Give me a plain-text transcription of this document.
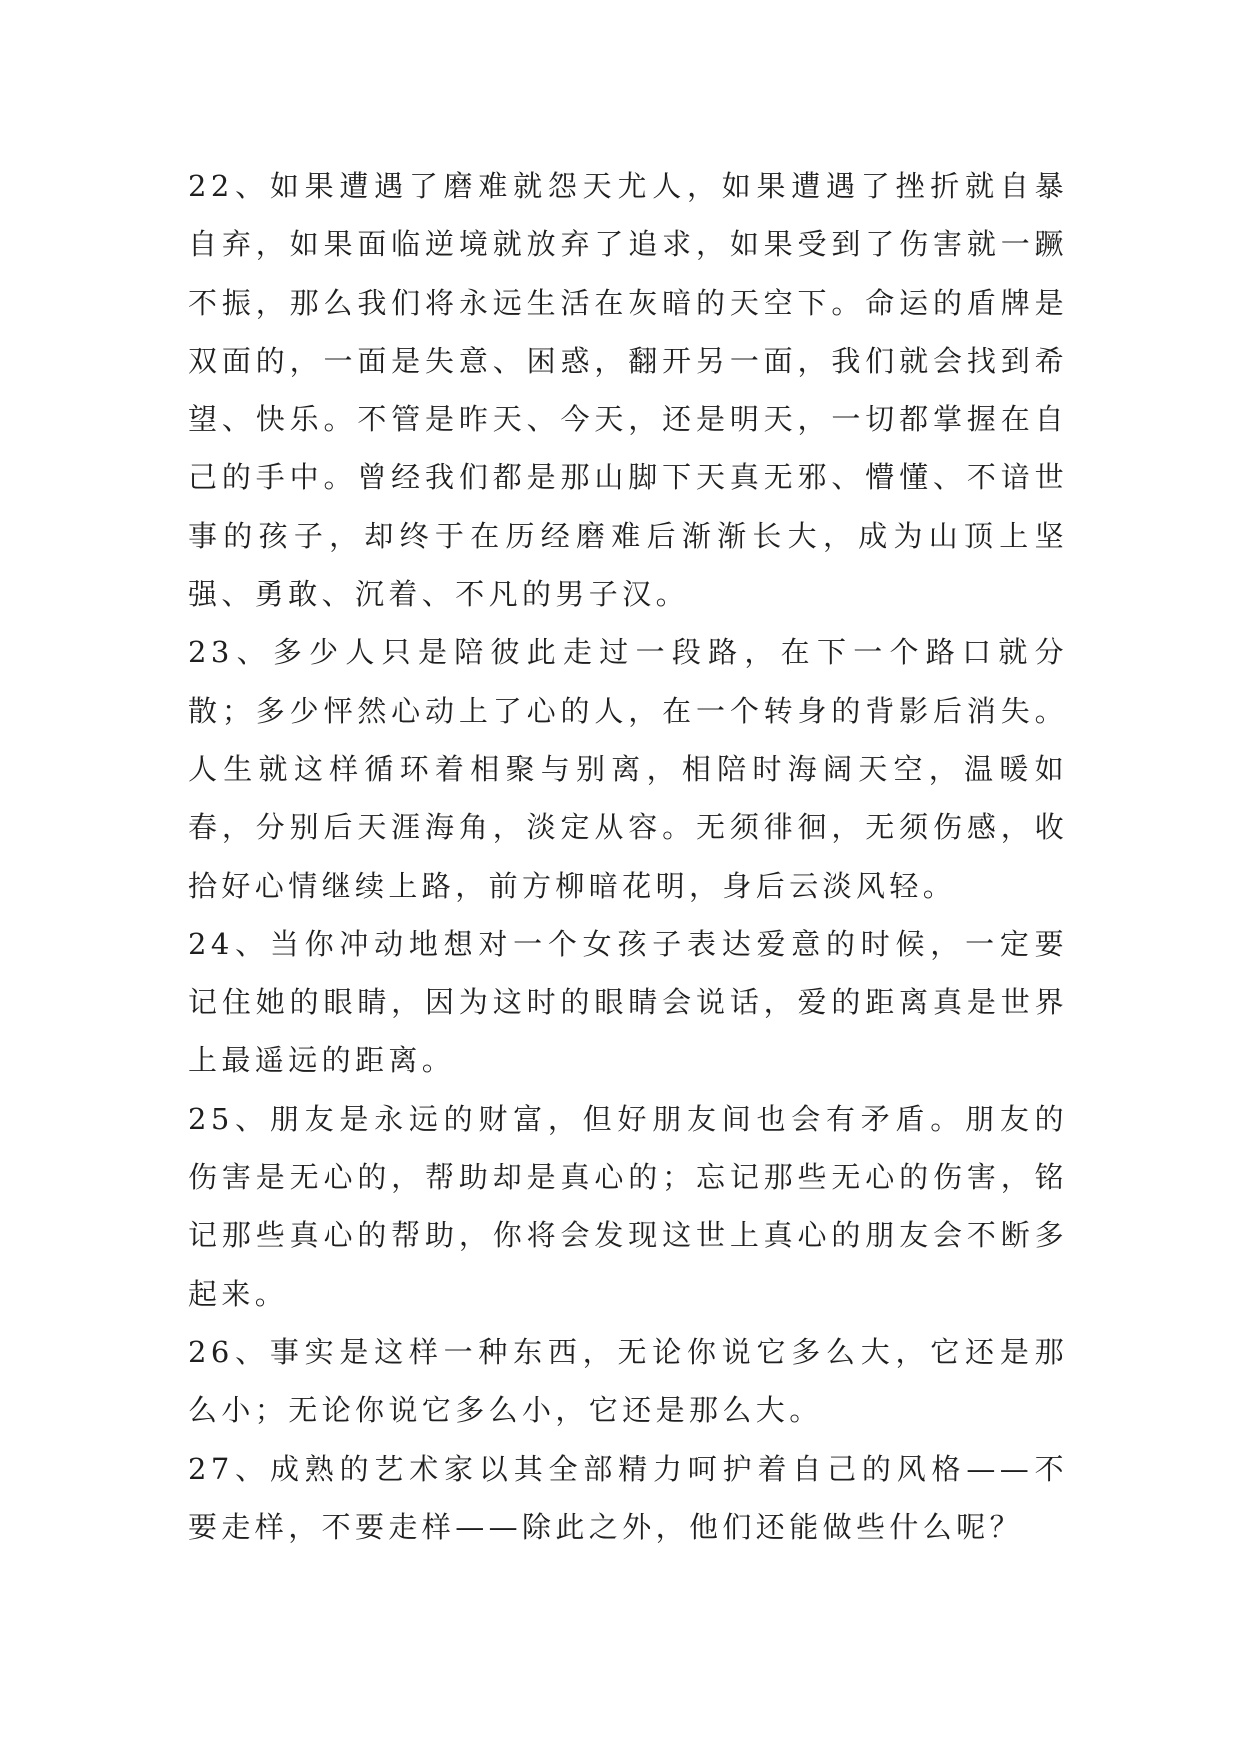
22、如果遭遇了磨难就怨天尤人，如果遭遇了挫折就自暴自弃，如果面临逆境就放弃了追求，如果受到了伤害就一蹶不振，那么我们将永远生活在灰暗的天空下。命运的盾牌是双面的，一面是失意、困惑，翻开另一面，我们就会找到希望、快乐。不管是昨天、今天，还是明天，一切都掌握在自己的手中。曾经我们都是那山脚下天真无邪、懵懂、不谙世事的孩子，却终于在历经磨难后渐渐长大，成为山顶上坚强、勇敢、沉着、不凡的男子汉。

23、多少人只是陪彼此走过一段路，在下一个路口就分散；多少怦然心动上了心的人，在一个转身的背影后消失。人生就这样循环着相聚与别离，相陪时海阔天空，温暖如春，分别后天涯海角，淡定从容。无须徘徊，无须伤感，收拾好心情继续上路，前方柳暗花明，身后云淡风轻。

24、当你冲动地想对一个女孩子表达爱意的时候，一定要记住她的眼睛，因为这时的眼睛会说话，爱的距离真是世界上最遥远的距离。

25、朋友是永远的财富，但好朋友间也会有矛盾。朋友的伤害是无心的，帮助却是真心的；忘记那些无心的伤害，铭记那些真心的帮助，你将会发现这世上真心的朋友会不断多起来。

26、事实是这样一种东西，无论你说它多么大，它还是那么小；无论你说它多么小，它还是那么大。

27、成熟的艺术家以其全部精力呵护着自己的风格——不要走样，不要走样——除此之外，他们还能做些什么呢？
